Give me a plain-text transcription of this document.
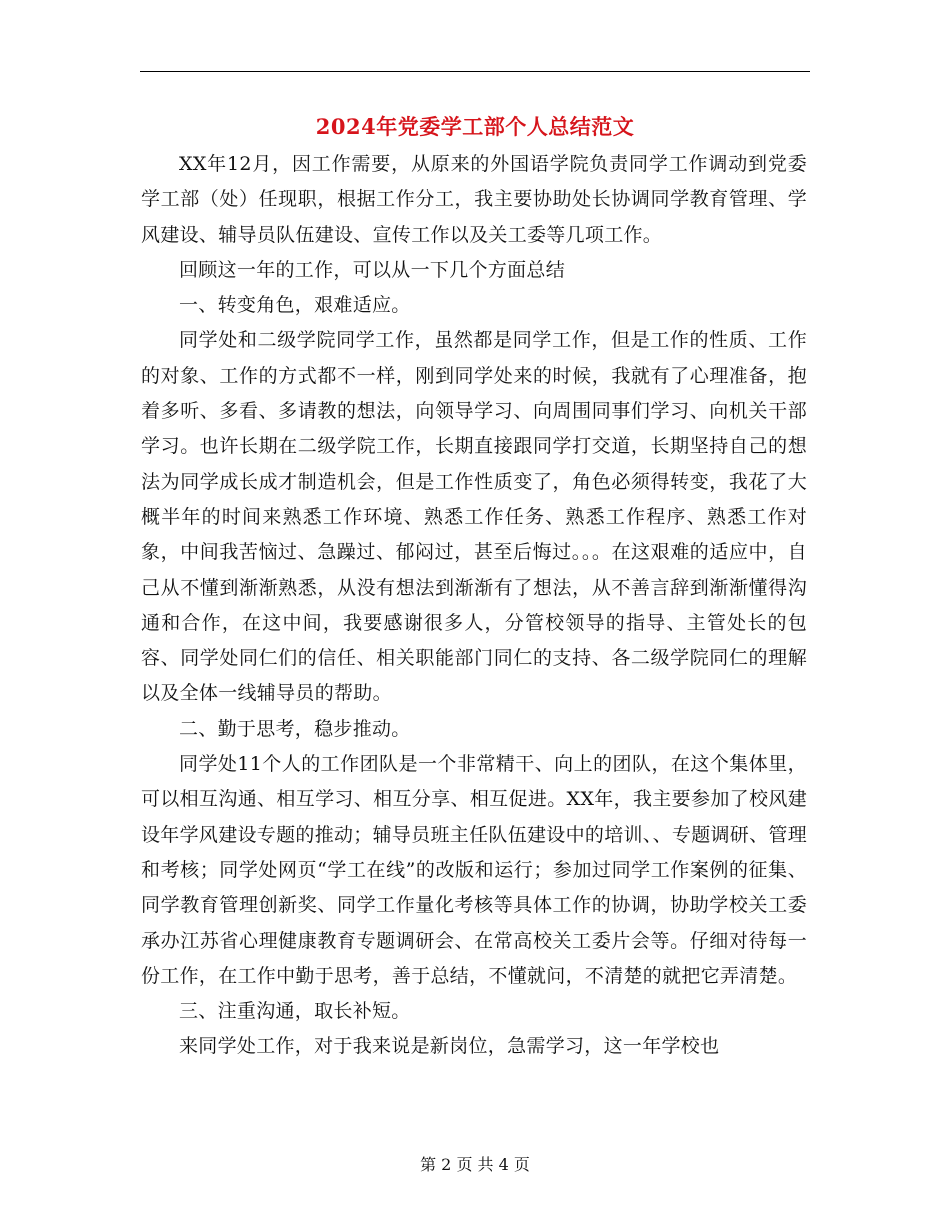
2024年党委学工部个人总结范文

XX年12月，因工作需要，从原来的外国语学院负责同学工作调动到党委学工部（处）任现职，根据工作分工，我主要协助处长协调同学教育管理、学风建设、辅导员队伍建设、宣传工作以及关工委等几项工作。

回顾这一年的工作，可以从一下几个方面总结

一、转变角色，艰难适应。

同学处和二级学院同学工作，虽然都是同学工作，但是工作的性质、工作的对象、工作的方式都不一样，刚到同学处来的时候，我就有了心理准备，抱着多听、多看、多请教的想法，向领导学习、向周围同事们学习、向机关干部学习。也许长期在二级学院工作，长期直接跟同学打交道，长期坚持自己的想法为同学成长成才制造机会，但是工作性质变了，角色必须得转变，我花了大概半年的时间来熟悉工作环境、熟悉工作任务、熟悉工作程序、熟悉工作对象，中间我苦恼过、急躁过、郁闷过，甚至后悔过。。。在这艰难的适应中，自己从不懂到渐渐熟悉，从没有想法到渐渐有了想法，从不善言辞到渐渐懂得沟通和合作，在这中间，我要感谢很多人，分管校领导的指导、主管处长的包容、同学处同仁们的信任、相关职能部门同仁的支持、各二级学院同仁的理解以及全体一线辅导员的帮助。

二、勤于思考，稳步推动。

同学处11个人的工作团队是一个非常精干、向上的团队，在这个集体里，可以相互沟通、相互学习、相互分享、相互促进。XX年，我主要参加了校风建设年学风建设专题的推动；辅导员班主任队伍建设中的培训、、专题调研、管理和考核；同学处网页“学工在线”的改版和运行；参加过同学工作案例的征集、同学教育管理创新奖、同学工作量化考核等具体工作的协调，协助学校关工委承办江苏省心理健康教育专题调研会、在常高校关工委片会等。仔细对待每一份工作，在工作中勤于思考，善于总结，不懂就问，不清楚的就把它弄清楚。

三、注重沟通，取长补短。

来同学处工作，对于我来说是新岗位，急需学习，这一年学校也

第 2 页 共 4 页
